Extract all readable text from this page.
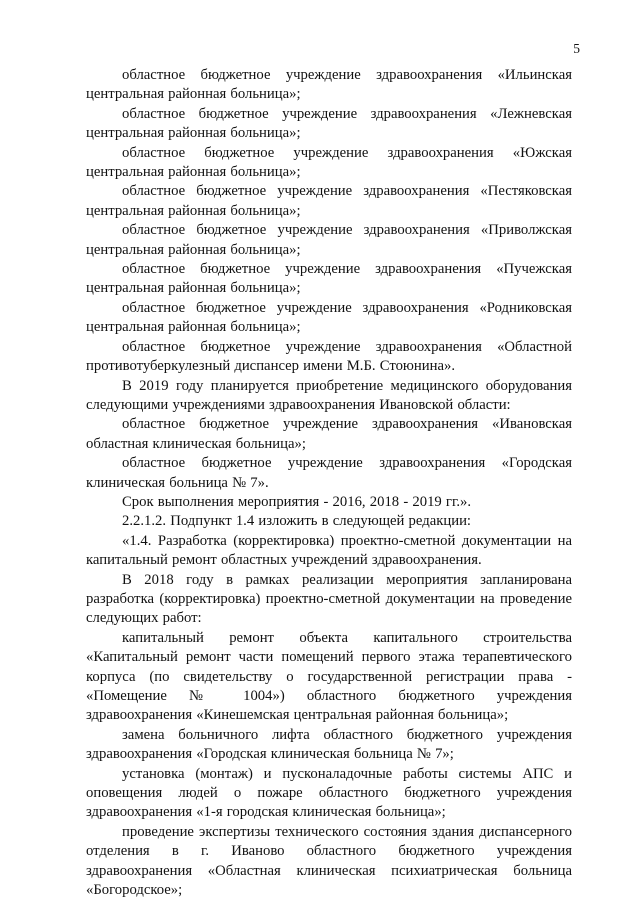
5

областное бюджетное учреждение здравоохранения «Ильинская центральная районная больница»;

областное бюджетное учреждение здравоохранения «Лежневская центральная районная больница»;

областное бюджетное учреждение здравоохранения «Южская центральная районная больница»;

областное бюджетное учреждение здравоохранения «Пестяковская центральная районная больница»;

областное бюджетное учреждение здравоохранения «Приволжская центральная районная больница»;

областное бюджетное учреждение здравоохранения «Пучежская центральная районная больница»;

областное бюджетное учреждение здравоохранения «Родниковская центральная районная больница»;

областное бюджетное учреждение здравоохранения «Областной противотуберкулезный диспансер имени М.Б. Стоюнина».

В 2019 году планируется приобретение медицинского оборудования следующими учреждениями здравоохранения Ивановской области:

областное бюджетное учреждение здравоохранения «Ивановская областная клиническая больница»;

областное бюджетное учреждение здравоохранения «Городская клиническая больница № 7».

Срок выполнения мероприятия - 2016, 2018 - 2019 гг.».

2.2.1.2. Подпункт 1.4 изложить в следующей редакции:

«1.4. Разработка (корректировка) проектно-сметной документации на капитальный ремонт областных учреждений здравоохранения.

В 2018 году в рамках реализации мероприятия запланирована разработка (корректировка) проектно-сметной документации на проведение следующих работ:

капитальный ремонт объекта капитального строительства «Капитальный ремонт части помещений первого этажа терапевтического корпуса (по свидетельству о государственной регистрации права - «Помещение № 1004») областного бюджетного учреждения здравоохранения «Кинешемская центральная районная больница»;

замена больничного лифта областного бюджетного учреждения здравоохранения «Городская клиническая больница № 7»;

установка (монтаж) и пусконаладочные работы системы АПС и оповещения людей о пожаре областного бюджетного учреждения здравоохранения «1-я городская клиническая больница»;

проведение экспертизы технического состояния здания диспансерного отделения в г. Иваново областного бюджетного учреждения здравоохранения «Областная клиническая психиатрическая больница «Богородское»;
